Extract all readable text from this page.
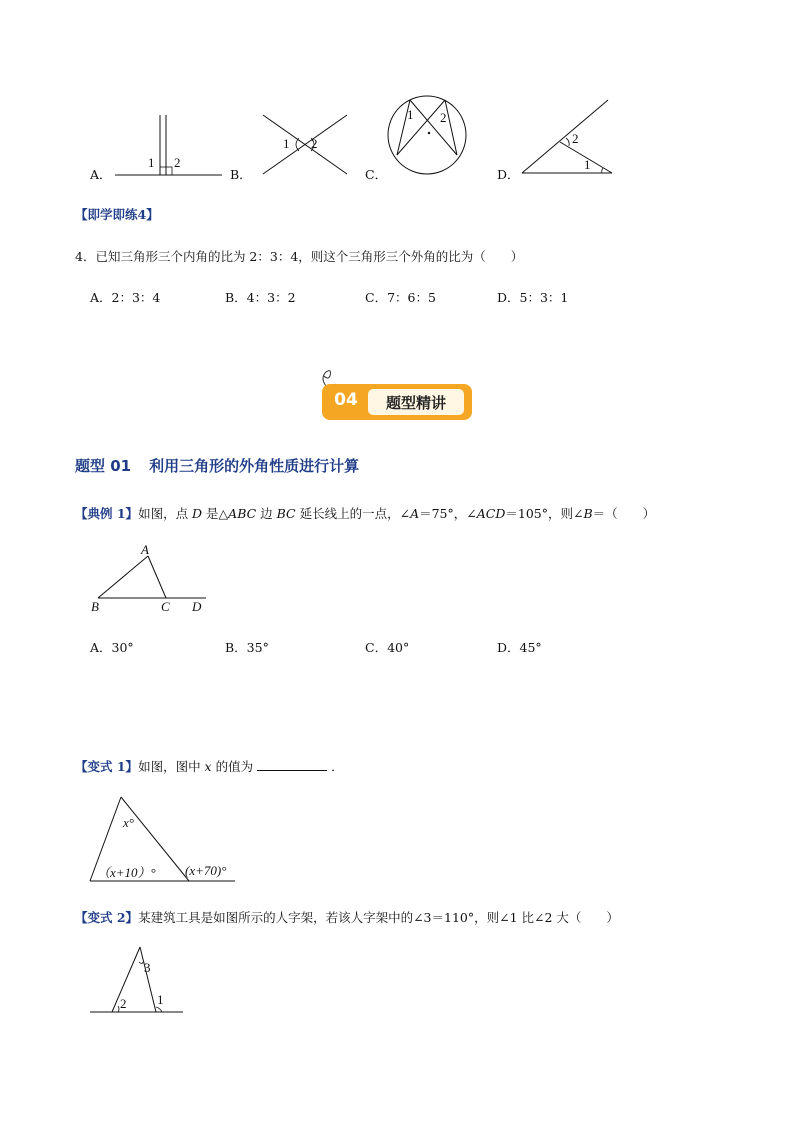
1 2
A．
1 2
B．
1 2
C．
2
1
D．
【即学即练4】
4．已知三角形三个内角的比为 2：3：4，则这个三角形三个外角的比为（　　）
A．2：3：4	B．4：3：2	C．7：6：5	D．5：3：1
04	题型精讲
题型 01 利用三角形的外角性质进行计算
【典例 1】如图，点 D 是△ABC 边 BC 延长线上的一点，∠A＝75°，∠ACD＝105°，则∠B＝（　　）
A
B	C D
A．30°	B．35°	C．40°	D．45°
【变式 1】如图，图中 x 的值为	．
x°
（x+10）° (x+70)°
【变式 2】某建筑工具是如图所示的人字架，若该人字架中的∠3＝110°，则∠1 比∠2 大（　　）
3
2 1
